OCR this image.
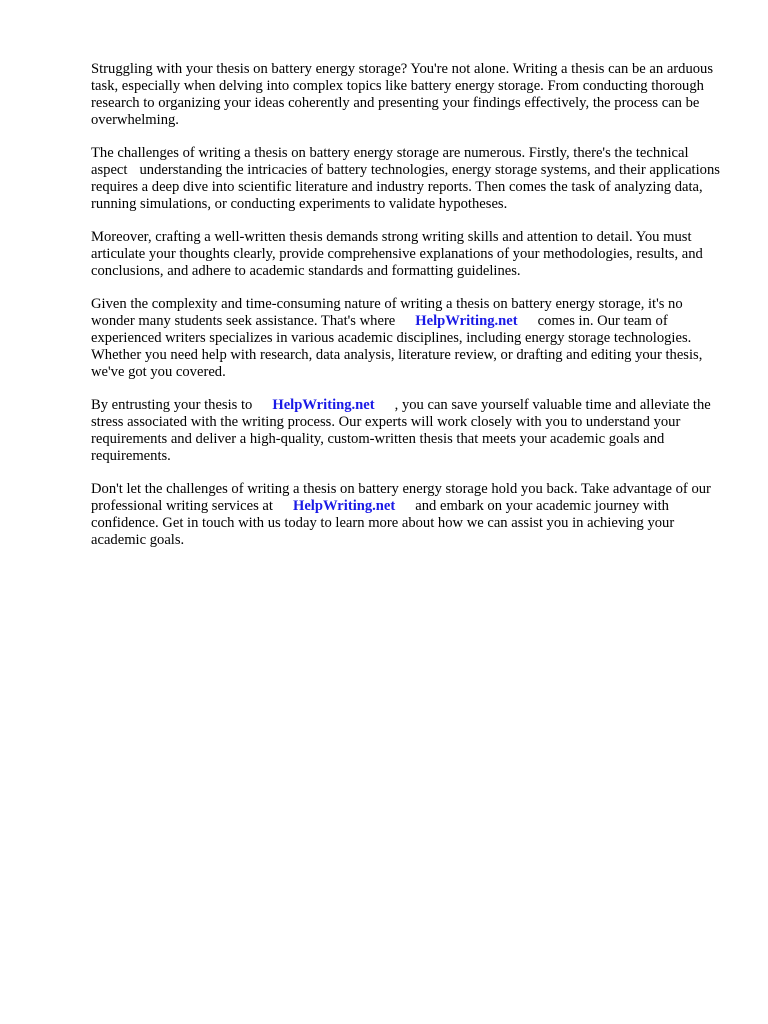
Struggling with your thesis on battery energy storage? You're not alone. Writing a thesis can be an arduous task, especially when delving into complex topics like battery energy storage. From conducting thorough research to organizing your ideas coherently and presenting your findings effectively, the process can be overwhelming.

The challenges of writing a thesis on battery energy storage are numerous. Firstly, there's the technical aspect understanding the intricacies of battery technologies, energy storage systems, and their applications requires a deep dive into scientific literature and industry reports. Then comes the task of analyzing data, running simulations, or conducting experiments to validate hypotheses.

Moreover, crafting a well-written thesis demands strong writing skills and attention to detail. You must articulate your thoughts clearly, provide comprehensive explanations of your methodologies, results, and conclusions, and adhere to academic standards and formatting guidelines.

Given the complexity and time-consuming nature of writing a thesis on battery energy storage, it's no wonder many students seek assistance. That's where HelpWriting.net comes in. Our team of experienced writers specializes in various academic disciplines, including energy storage technologies. Whether you need help with research, data analysis, literature review, or drafting and editing your thesis, we've got you covered.

By entrusting your thesis to HelpWriting.net , you can save yourself valuable time and alleviate the stress associated with the writing process. Our experts will work closely with you to understand your requirements and deliver a high-quality, custom-written thesis that meets your academic goals and requirements.

Don't let the challenges of writing a thesis on battery energy storage hold you back. Take advantage of our professional writing services at HelpWriting.net and embark on your academic journey with confidence. Get in touch with us today to learn more about how we can assist you in achieving your academic goals.
